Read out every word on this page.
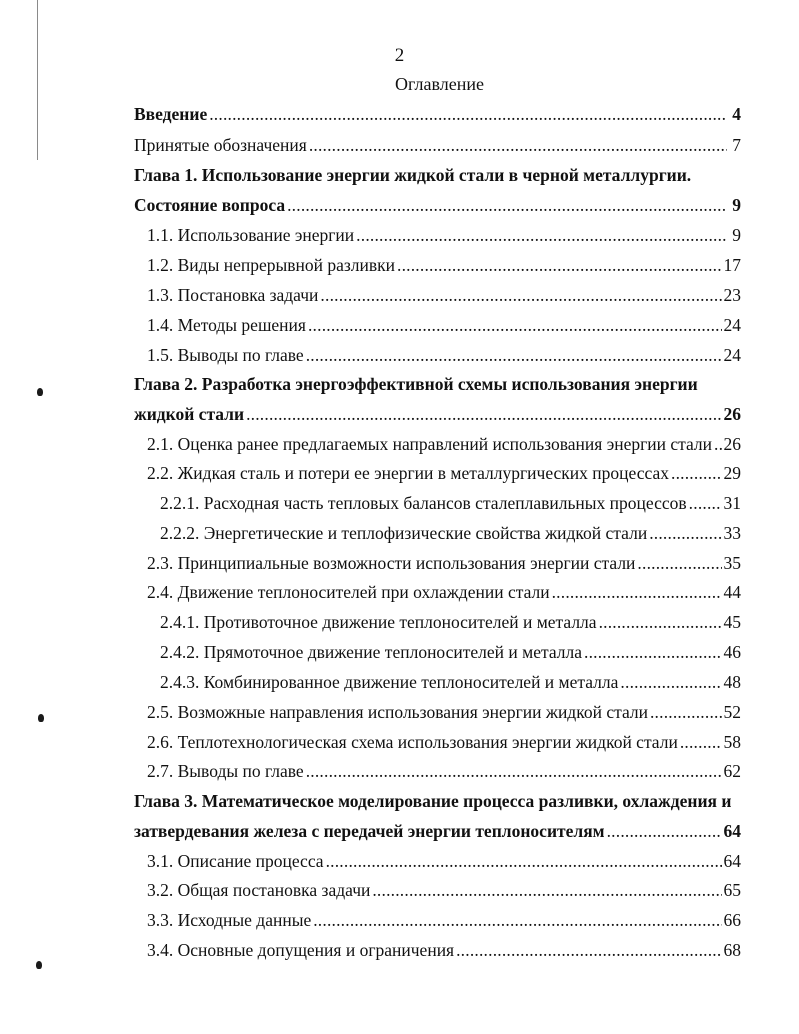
2
Оглавление
Введение .....	4
Принятые обозначения .....	7
Глава 1. Использование энергии жидкой стали в черной металлургии.
Состояние вопроса .....	9
1.1. Использование энергии .....	9
1.2. Виды непрерывной разливки .....	17
1.3. Постановка задачи .....	23
1.4. Методы решения .....	24
1.5. Выводы по главе .....	24
Глава 2. Разработка энергоэффективной схемы использования энергии
жидкой стали .....	26
2.1. Оценка ранее предлагаемых направлений использования энергии стали ..... 26
2.2. Жидкая сталь и потери ее энергии в металлургических процессах .....	29
2.2.1. Расходная часть тепловых балансов сталеплавильных процессов ..... 31
2.2.2. Энергетические и теплофизические свойства жидкой стали .....	33
2.3. Принципиальные возможности использования энергии стали .....	35
2.4. Движение теплоносителей при охлаждении стали .....	44
2.4.1. Противоточное движение теплоносителей и металла .....	45
2.4.2. Прямоточное движение теплоносителей и металла .....	46
2.4.3. Комбинированное движение теплоносителей и металла .....	48
2.5. Возможные направления использования энергии жидкой стали .....	52
2.6. Теплотехнологическая схема использования энергии жидкой стали .....	58
2.7. Выводы по главе .....	62
Глава 3. Математическое моделирование процесса разливки, охлаждения и
затвердевания железа с передачей энергии теплоносителям .....	64
3.1. Описание процесса .....	64
3.2. Общая постановка задачи .....	65
3.3. Исходные данные .....	66
3.4. Основные допущения и ограничения .....	68
